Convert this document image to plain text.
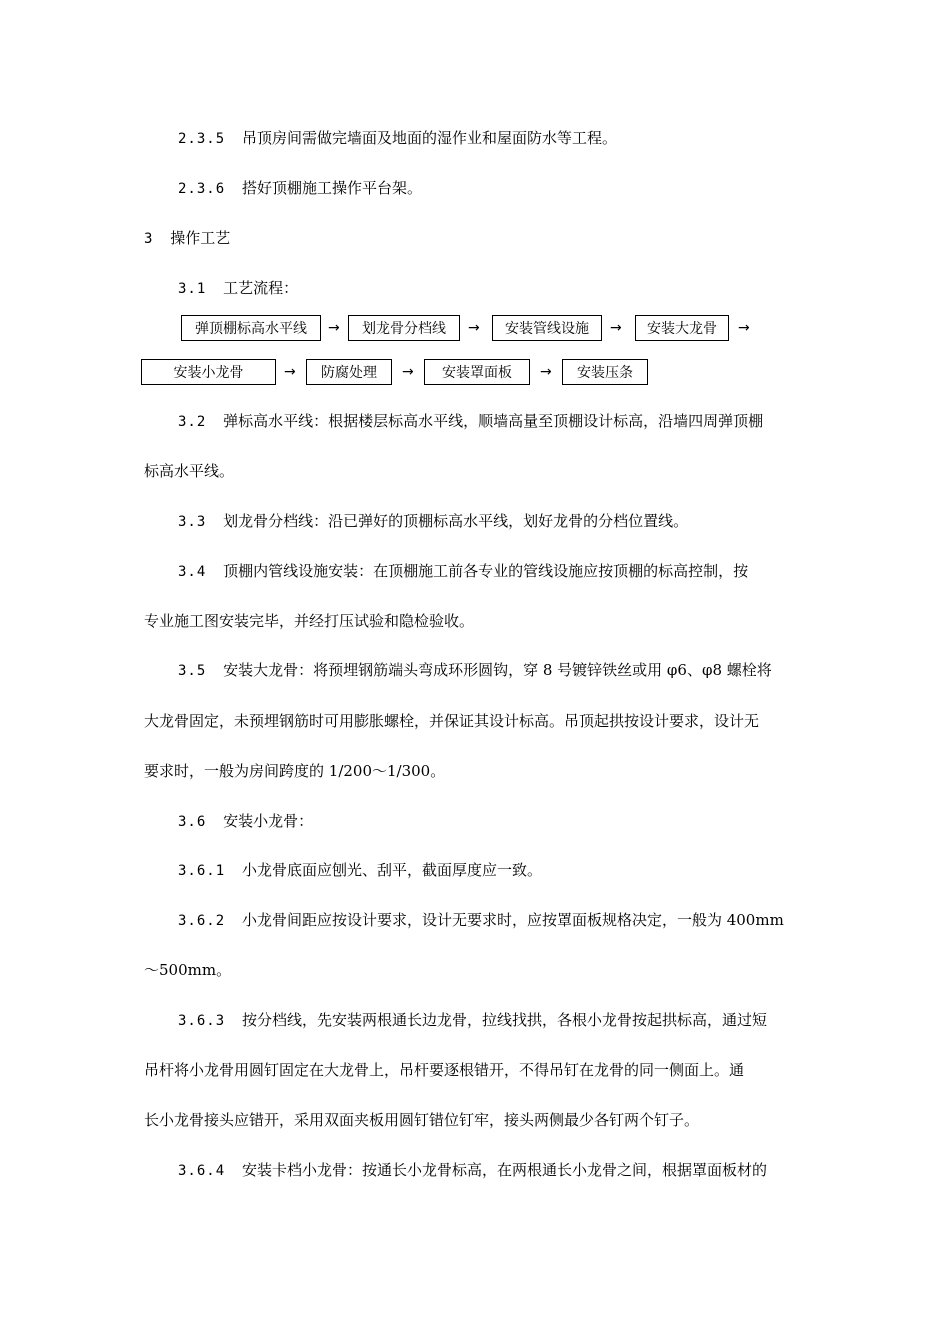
2.3.5 吊顶房间需做完墙面及地面的湿作业和屋面防水等工程。
2.3.6 搭好顶棚施工操作平台架。
3 操作工艺
3.1 工艺流程：
弹顶棚标高水平线	→	划龙骨分档线	→	安装管线设施	→	安装大龙骨	→
安装小龙骨	→	防腐处理	→	安装罩面板	→	安装压条
3.2 弹标高水平线：根据楼层标高水平线，顺墙高量至顶棚设计标高，沿墙四周弹顶棚
标高水平线。
3.3 划龙骨分档线：沿已弹好的顶棚标高水平线，划好龙骨的分档位置线。
3.4 顶棚内管线设施安装：在顶棚施工前各专业的管线设施应按顶棚的标高控制，按
专业施工图安装完毕，并经打压试验和隐检验收。
3.5 安装大龙骨：将预埋钢筋端头弯成环形圆钩，穿 8 号镀锌铁丝或用 φ6、φ8 螺栓将
大龙骨固定，未预埋钢筋时可用膨胀螺栓，并保证其设计标高。吊顶起拱按设计要求，设计无
要求时，一般为房间跨度的 1/200～1/300。
3.6 安装小龙骨：
3.6.1 小龙骨底面应刨光、刮平，截面厚度应一致。
3.6.2 小龙骨间距应按设计要求，设计无要求时，应按罩面板规格决定，一般为 400mm
～500mm。
3.6.3 按分档线，先安装两根通长边龙骨，拉线找拱，各根小龙骨按起拱标高，通过短
吊杆将小龙骨用圆钉固定在大龙骨上，吊杆要逐根错开，不得吊钉在龙骨的同一侧面上。通
长小龙骨接头应错开，采用双面夹板用圆钉错位钉牢，接头两侧最少各钉两个钉子。
3.6.4 安装卡档小龙骨：按通长小龙骨标高，在两根通长小龙骨之间，根据罩面板材的
